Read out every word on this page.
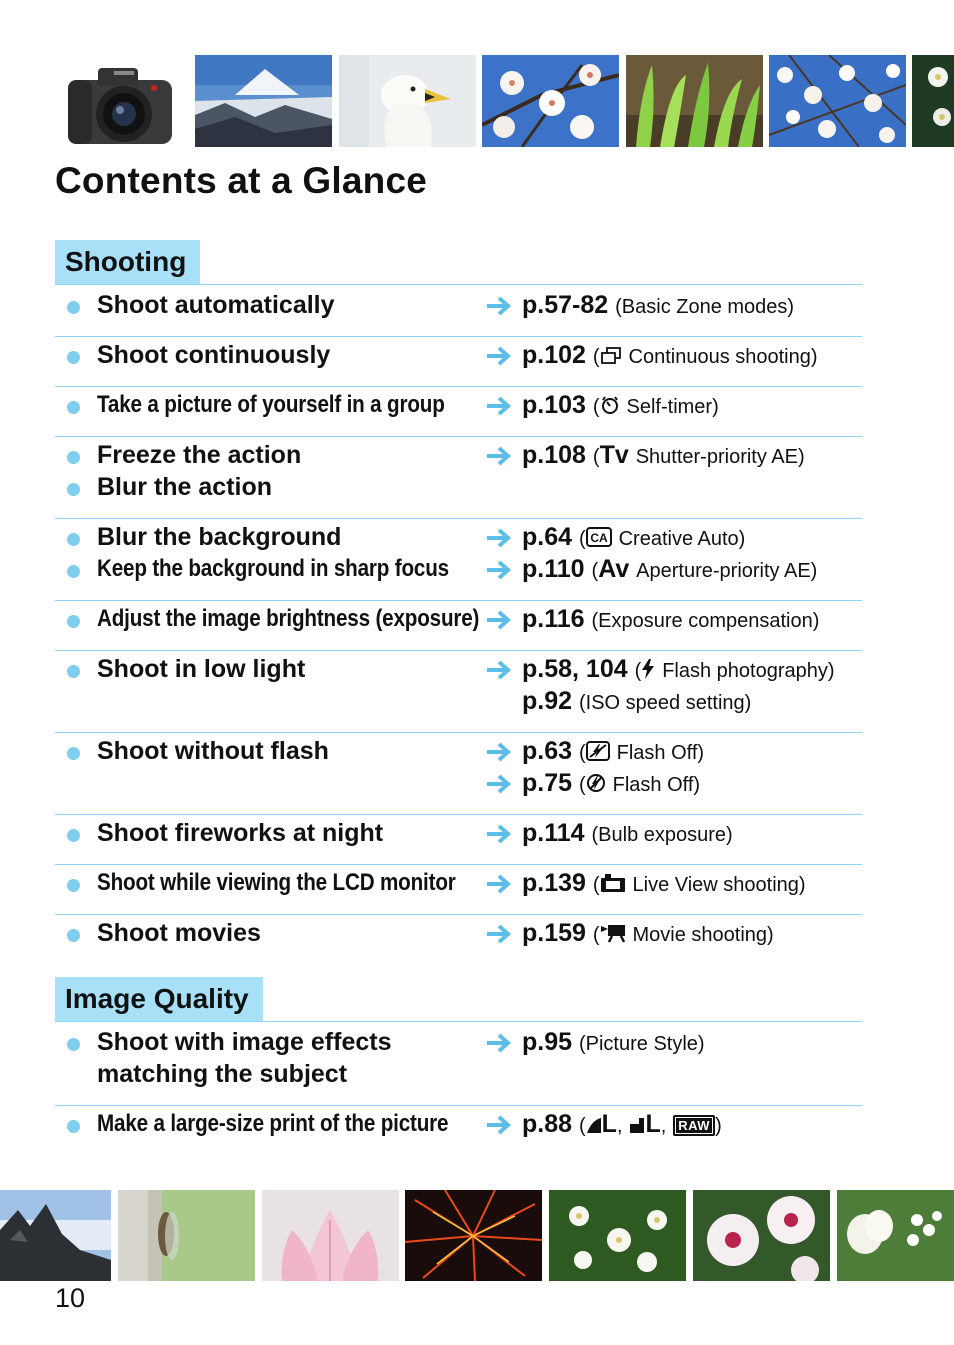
Contents at a Glance
Shooting
Shoot automatically	p.57-82 (Basic Zone modes)
Shoot continuously	p.102 ( Continuous shooting)
Take a picture of yourself in a group	p.103 ( Self-timer)
Freeze the action	p.108 (Tv Shutter-priority AE)
Blur the action
Blur the background	p.64 ( CA Creative Auto)
Keep the background in sharp focus	p.110 (Av Aperture-priority AE)
Adjust the image brightness (exposure) p.116 (Exposure compensation)
Shoot in low light	p.58, 104 ( Flash photography)
p.92 (ISO speed setting)
Shoot without flash	p.63 ( Flash Off)
p.75 ( Flash Off)
Shoot fireworks at night	p.114 (Bulb exposure)
Shoot while viewing the LCD monitor	p.139 ( Live View shooting)
Shoot movies	p.159 ( Movie shooting)
Image Quality
Shoot with image effects	p.95 (Picture Style)
matching the subject
Make a large-size print of the picture	p.88 ( L, L, RAW )
10
